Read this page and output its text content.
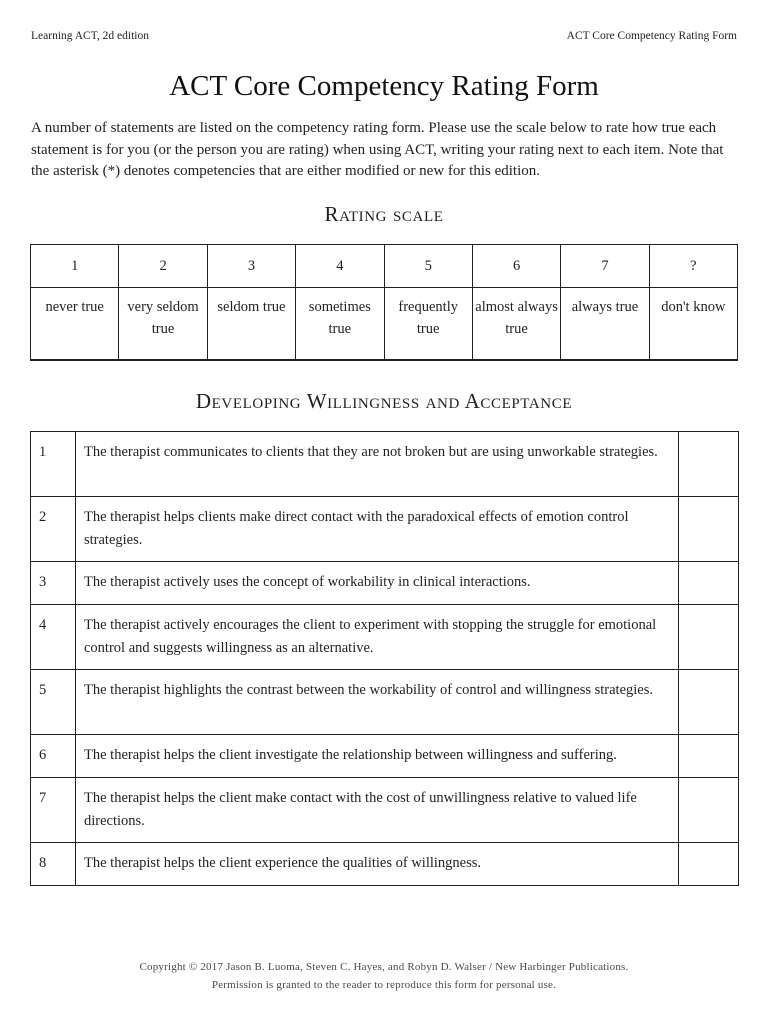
Learning ACT, 2d edition	ACT Core Competency Rating Form
ACT Core Competency Rating Form

A number of statements are listed on the competency rating form. Please use the scale below to rate how true each statement is for you (or the person you are rating) when using ACT, writing your rating next to each item. Note that the asterisk (*) denotes competencies that are either modified or new for this edition.

Rating scale
1	2	3	4	5	6	7	?
never true	very seldom true	seldom true	sometimes true	frequently true	almost always true	always true	don't know
Developing Willingness and Acceptance
1	The therapist communicates to clients that they are not broken but are using unworkable strategies.	
2	The therapist helps clients make direct contact with the paradoxical effects of emotion control strategies.	
3	The therapist actively uses the concept of workability in clinical interactions.	
4	The therapist actively encourages the client to experiment with stopping the struggle for emotional control and suggests willingness as an alternative.	
5	The therapist highlights the contrast between the workability of control and willingness strategies.	
6	The therapist helps the client investigate the relationship between willingness and suffering.	
7	The therapist helps the client make contact with the cost of unwillingness relative to valued life directions.	
8	The therapist helps the client experience the qualities of willingness.	
Copyright © 2017 Jason B. Luoma, Steven C. Hayes, and Robyn D. Walser / New Harbinger Publications.
Permission is granted to the reader to reproduce this form for personal use.
